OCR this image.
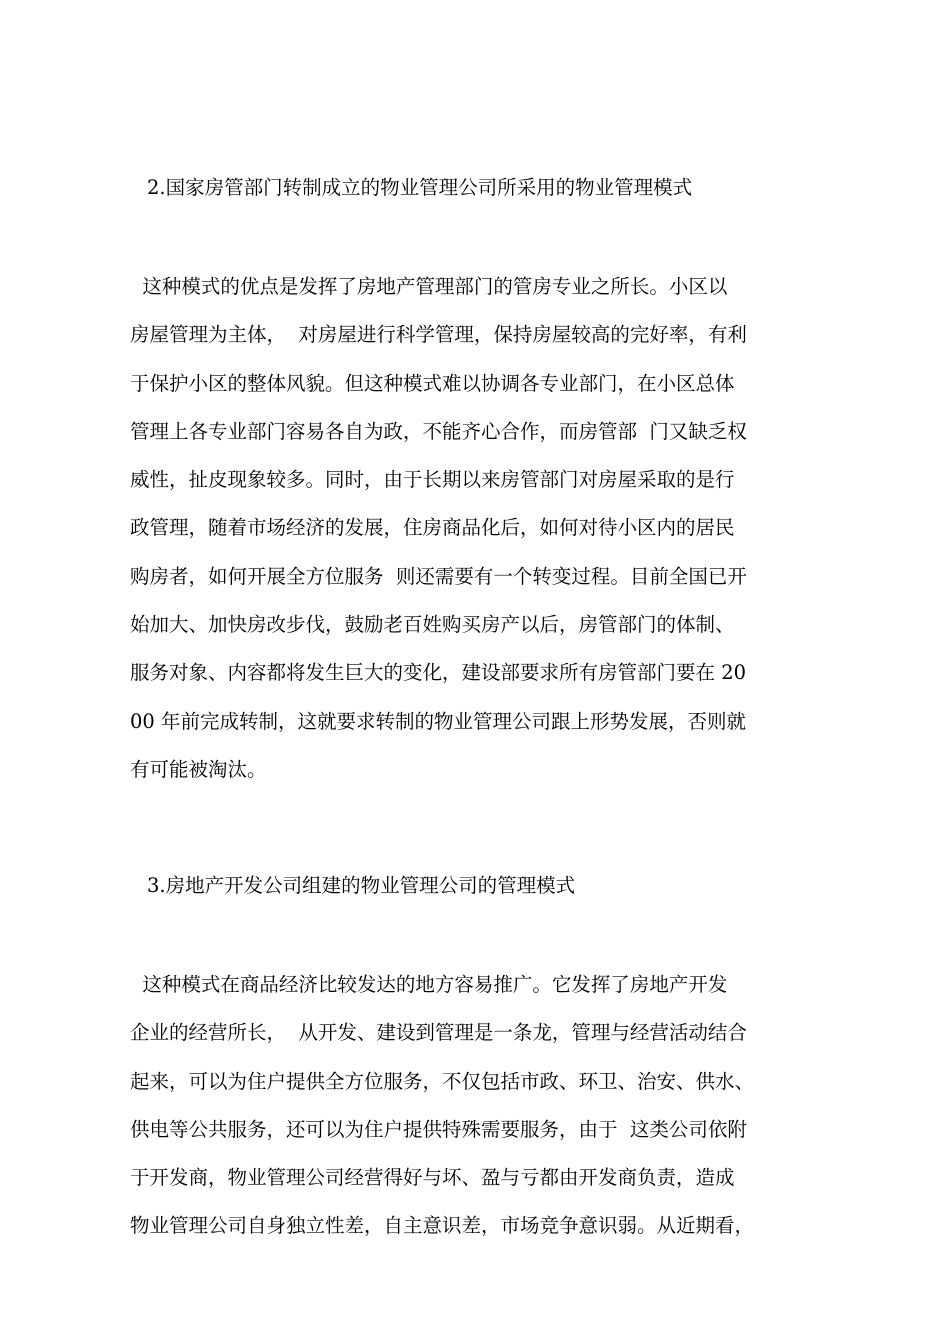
2.国家房管部门转制成立的物业管理公司所采用的物业管理模式
这种模式的优点是发挥了房地产管理部门的管房专业之所长。小区以
房屋管理为主体，  对房屋进行科学管理，保持房屋较高的完好率，有利
于保护小区的整体风貌。但这种模式难以协调各专业部门，在小区总体
管理上各专业部门容易各自为政，不能齐心合作，而房管部  门又缺乏权
威性，扯皮现象较多。同时，由于长期以来房管部门对房屋采取的是行
政管理，随着市场经济的发展，住房商品化后，如何对待小区内的居民
购房者，如何开展全方位服务  则还需要有一个转变过程。目前全国已开
始加大、加快房改步伐，鼓励老百姓购买房产以后，房管部门的体制、
服务对象、内容都将发生巨大的变化，建设部要求所有房管部门要在 20
00 年前完成转制，这就要求转制的物业管理公司跟上形势发展，否则就
有可能被淘汰。
3.房地产开发公司组建的物业管理公司的管理模式
这种模式在商品经济比较发达的地方容易推广。它发挥了房地产开发
企业的经营所长，  从开发、建设到管理是一条龙，管理与经营活动结合
起来，可以为住户提供全方位服务，不仅包括市政、环卫、治安、供水、
供电等公共服务，还可以为住户提供特殊需要服务，由于  这类公司依附
于开发商，物业管理公司经营得好与坏、盈与亏都由开发商负责，造成
物业管理公司自身独立性差，自主意识差，市场竞争意识弱。从近期看，
